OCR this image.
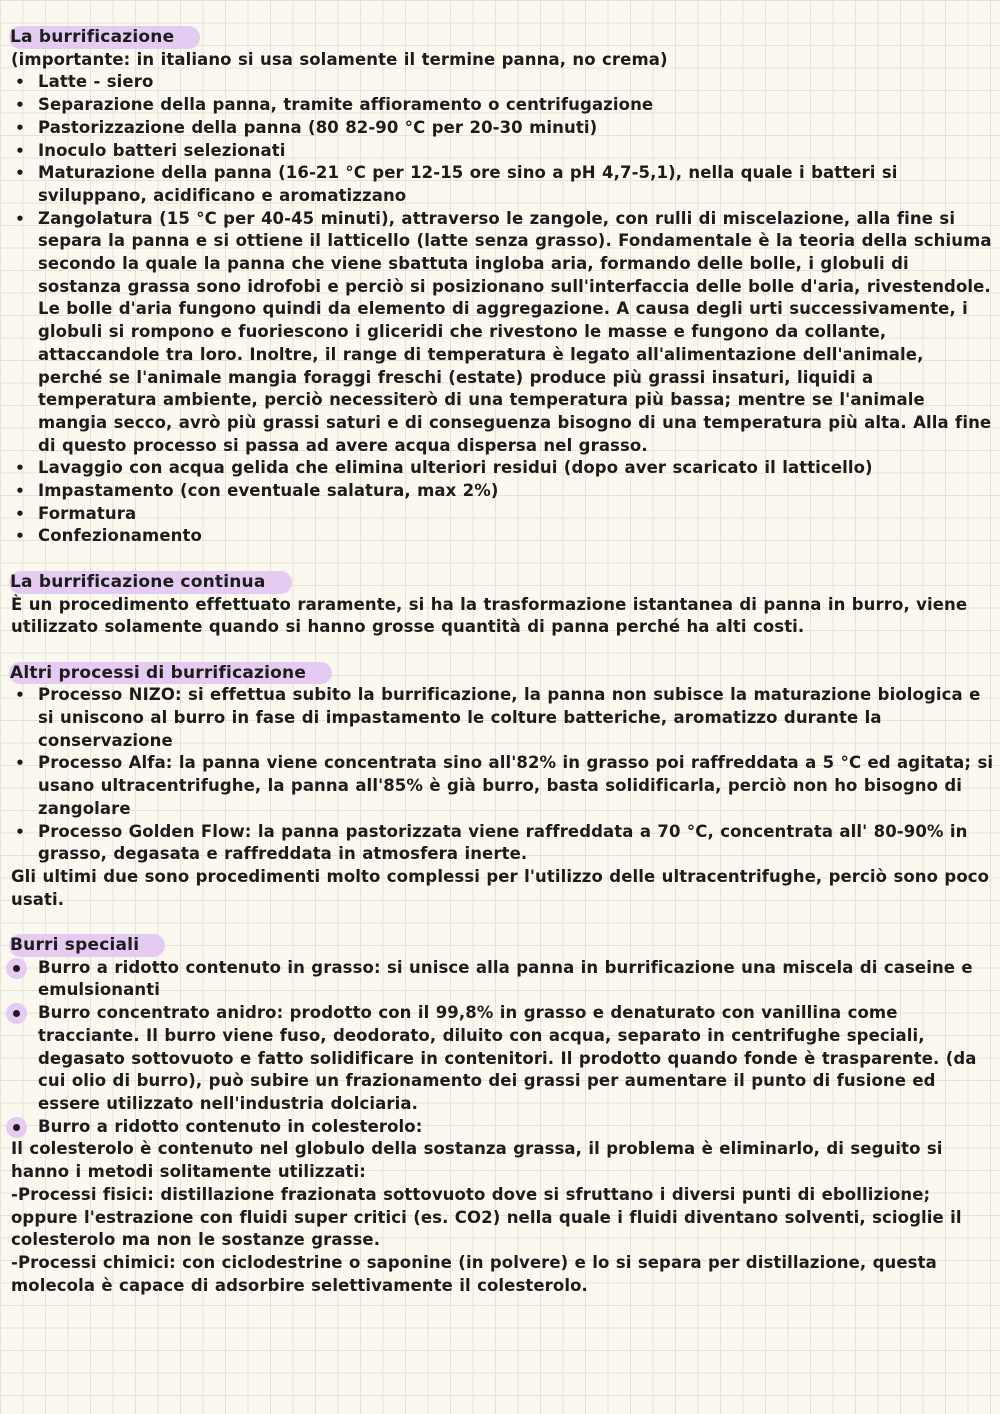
La burrificazione

(importante: in italiano si usa solamente il termine panna, no crema)

• Latte - siero
• Separazione della panna, tramite affioramento o centrifugazione
• Pastorizzazione della panna (80 82-90 °C per 20-30 minuti)
• Inoculo batteri selezionati
• Maturazione della panna (16-21 °C per 12-15 ore sino a pH 4,7-5,1), nella quale i batteri si sviluppano, acidificano e aromatizzano
• Zangolatura (15 °C per 40-45 minuti), attraverso le zangole, con rulli di miscelazione, alla fine si separa la panna e si ottiene il latticello (latte senza grasso). Fondamentale è la teoria della schiuma secondo la quale la panna che viene sbattuta ingloba aria, formando delle bolle, i globuli di sostanza grassa sono idrofobi e perciò si posizionano sull'interfaccia delle bolle d'aria, rivestendole. Le bolle d'aria fungono quindi da elemento di aggregazione. A causa degli urti successivamente, i globuli si rompono e fuoriescono i gliceridi che rivestono le masse e fungono da collante, attaccandole tra loro. Inoltre, il range di temperatura è legato all'alimentazione dell'animale, perché se l'animale mangia foraggi freschi (estate) produce più grassi insaturi, liquidi a temperatura ambiente, perciò necessiterò di una temperatura più bassa; mentre se l'animale mangia secco, avrò più grassi saturi e di conseguenza bisogno di una temperatura più alta. Alla fine di questo processo si passa ad avere acqua dispersa nel grasso.
• Lavaggio con acqua gelida che elimina ulteriori residui (dopo aver scaricato il latticello)
• Impastamento (con eventuale salatura, max 2%)
• Formatura
• Confezionamento
La burrificazione continua

È un procedimento effettuato raramente, si ha la trasformazione istantanea di panna in burro, viene utilizzato solamente quando si hanno grosse quantità di panna perché ha alti costi.

Altri processi di burrificazione
• Processo NIZO: si effettua subito la burrificazione, la panna non subisce la maturazione biologica e si uniscono al burro in fase di impastamento le colture batteriche, aromatizzo durante la conservazione
• Processo Alfa: la panna viene concentrata sino all'82% in grasso poi raffreddata a 5 °C ed agitata; si usano ultracentrifughe, la panna all'85% è già burro, basta solidificarla, perciò non ho bisogno di zangolare
• Processo Golden Flow: la panna pastorizzata viene raffreddata a 70 °C, concentrata all' 80-90% in grasso, degasata e raffreddata in atmosfera inerte.

Gli ultimi due sono procedimenti molto complessi per l'utilizzo delle ultracentrifughe, perciò sono poco usati.

Burri speciali
Burro a ridotto contenuto in grasso: si unisce alla panna in burrificazione una miscela di caseine e emulsionanti
Burro concentrato anidro: prodotto con il 99,8% in grasso e denaturato con vanillina come tracciante. Il burro viene fuso, deodorato, diluito con acqua, separato in centrifughe speciali, degasato sottovuoto e fatto solidificare in contenitori. Il prodotto quando fonde è trasparente. (da cui olio di burro), può subire un frazionamento dei grassi per aumentare il punto di fusione ed essere utilizzato nell'industria dolciaria.
Burro a ridotto contenuto in colesterolo:

Il colesterolo è contenuto nel globulo della sostanza grassa, il problema è eliminarlo, di seguito si hanno i metodi solitamente utilizzati:

-Processi fisici: distillazione frazionata sottovuoto dove si sfruttano i diversi punti di ebollizione; oppure l'estrazione con fluidi super critici (es. CO2) nella quale i fluidi diventano solventi, scioglie il colesterolo ma non le sostanze grasse.

-Processi chimici: con ciclodestrine o saponine (in polvere) e lo si separa per distillazione, questa molecola è capace di adsorbire selettivamente il colesterolo.
